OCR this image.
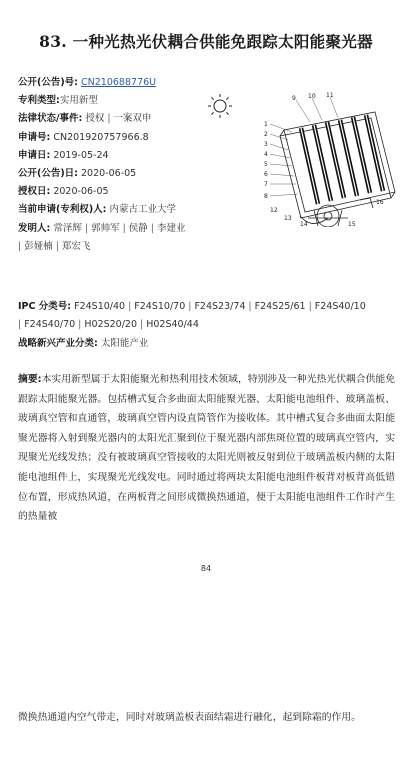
83. 一种光热光伏耦合供能免跟踪太阳能聚光器
公开(公告)号: CN210688776U
专利类型:实用新型
法律状态/事件: 授权 | 一案双申
申请号: CN201920757966.8
申请日: 2019-05-24
公开(公告)日: 2020-06-05
授权日: 2020-06-05
当前申请(专利权)人: 内蒙古工业大学
发明人: 常泽辉 | 郭帅军 | 侯静 | 李建业
| 彭娅楠 | 郑宏飞
IPC 分类号: F24S10/40 | F24S10/70 | F24S23/74 | F24S25/61 | F24S40/10
| F24S40/70 | H02S20/20 | H02S40/44
战略新兴产业分类: 太阳能产业
1
2
3
4
5
6
7
8
9 10 11
12
13
14	15
16

摘要:本实用新型属于太阳能聚光和热利用技术领域，特别涉及一种光热光伏耦合供能免跟踪太阳能聚光器。包括槽式复合多曲面太阳能聚光器、太阳能电池组件、玻璃盖板、玻璃真空管和直通管，玻璃真空管内设直筒管作为接收体。其中槽式复合多曲面太阳能聚光器将入射到聚光器内的太阳光汇聚到位于聚光器内部焦斑位置的玻璃真空管内，实现聚光光线发热；没有被玻璃真空管接收的太阳光则被反射到位于玻璃盖板内侧的太阳能电池组件上，实现聚光光线发电。同时通过将两块太阳能电池组件板背对板背高低错位布置，形成热风道，在两板背之间形成微换热通道，便于太阳能电池组件工作时产生的热量被

84

微换热通道内空气带走，同时对玻璃盖板表面结霜进行融化，起到除霜的作用。
